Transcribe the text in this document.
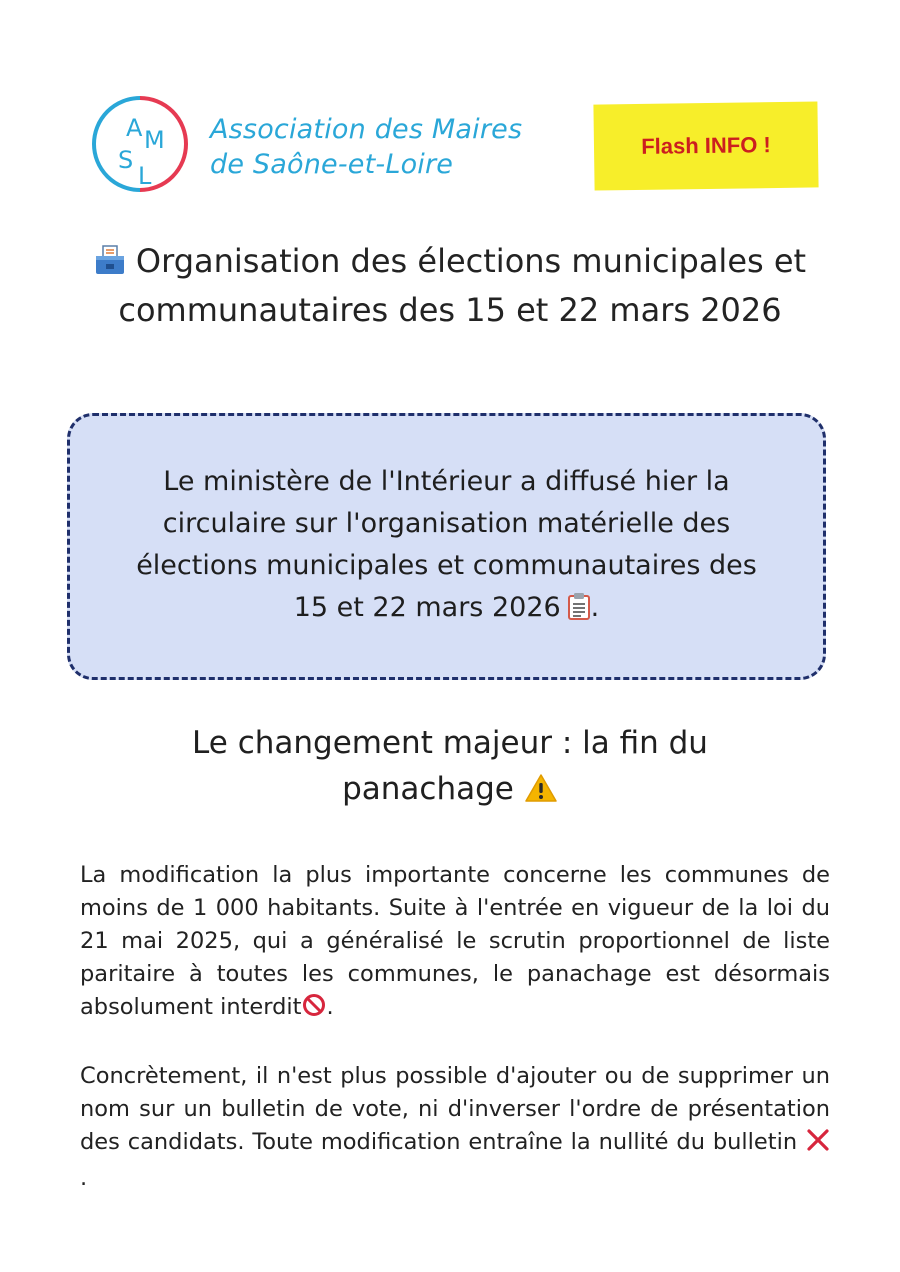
A M
S
L
Association des Maires
de Saône-et-Loire
Flash INFO !
Organisation des élections municipales et
communautaires des 15 et 22 mars 2026

Le ministère de l'Intérieur a diffusé hier la
circulaire sur l'organisation matérielle des
élections municipales et communautaires des
15 et 22 mars 2026 .

Le changement majeur : la fin du
panachage

La modification la plus importante concerne les communes de moins de 1 000 habitants. Suite à l'entrée en vigueur de la loi du 21 mai 2025, qui a généralisé le scrutin proportionnel de liste paritaire à toutes les communes, le panachage est désormais absolument interdit .

Concrètement, il n'est plus possible d'ajouter ou de supprimer un nom sur un bulletin de vote, ni d'inverser l'ordre de présentation des candidats. Toute modification entraîne la nullité du bulletin .
